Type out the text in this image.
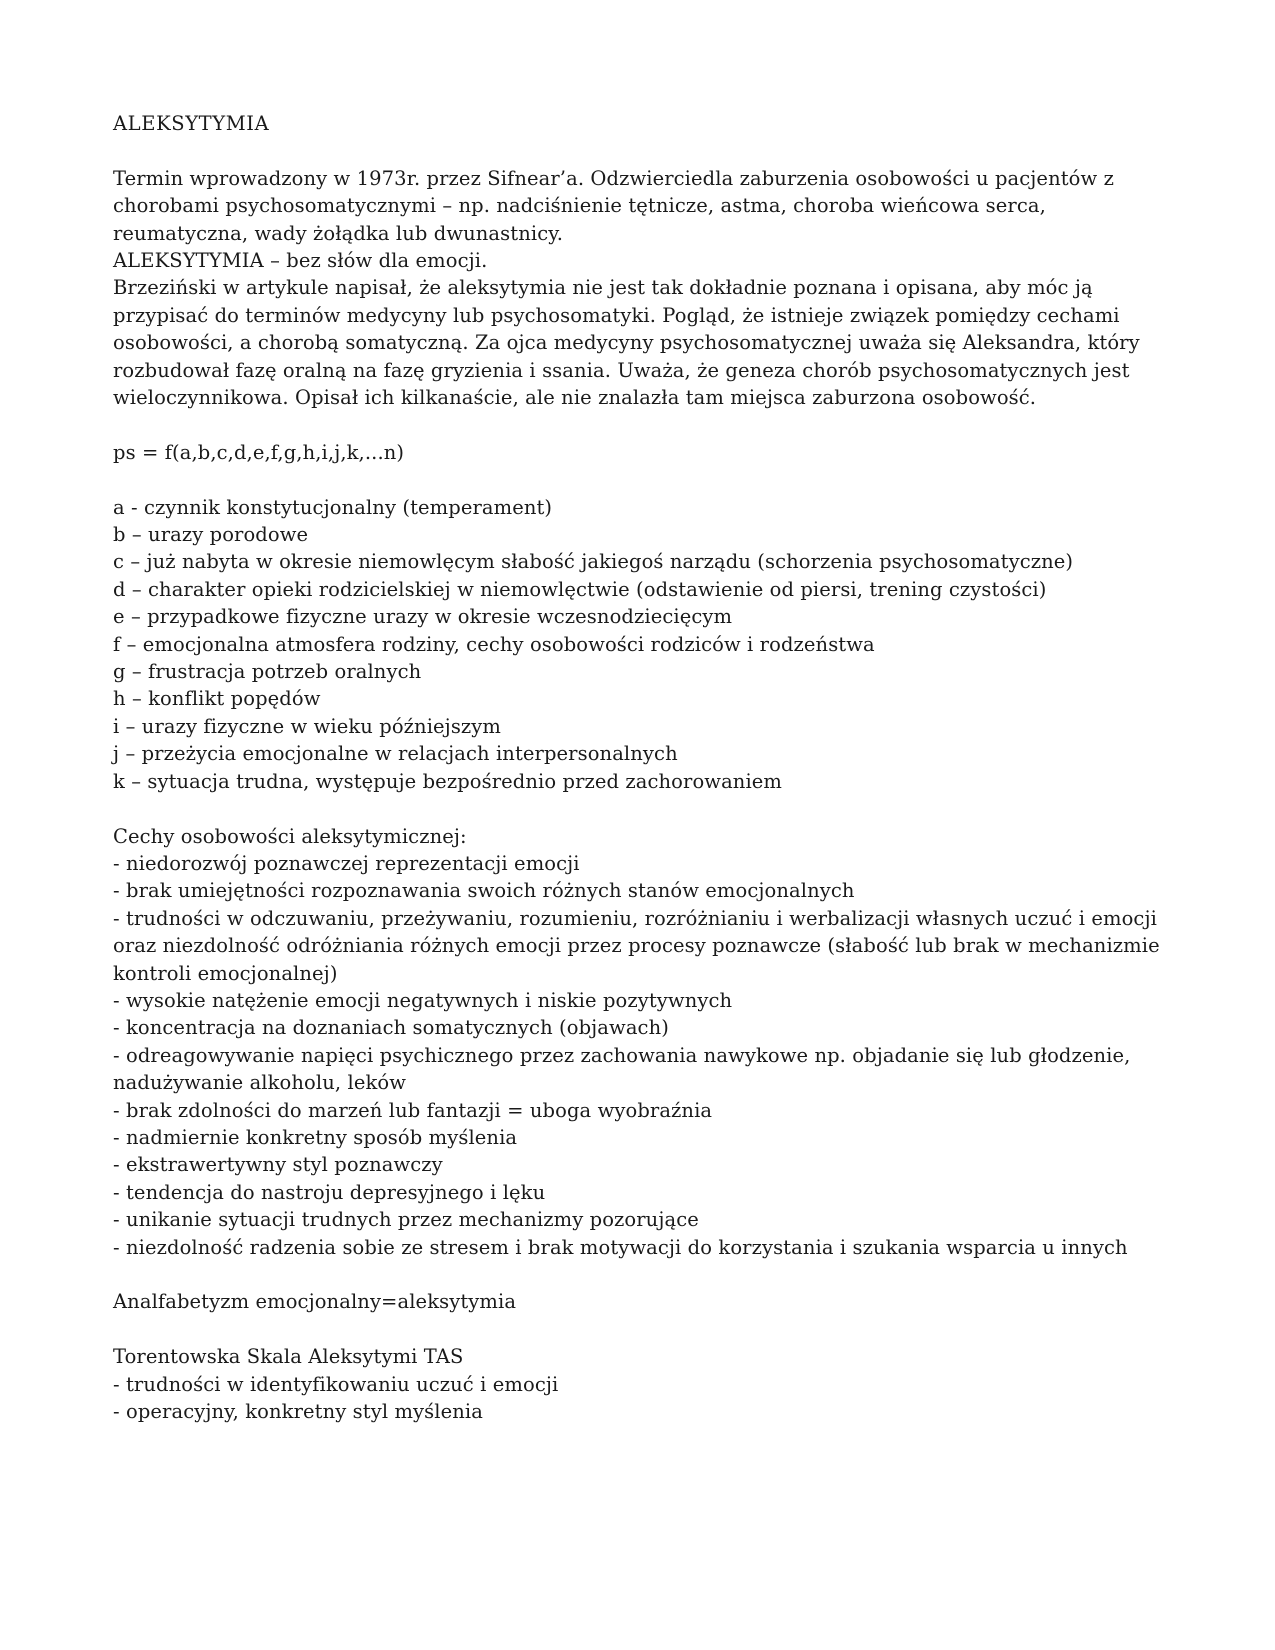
ALEKSYTYMIA

Termin wprowadzony w 1973r. przez Sifnear’a. Odzwierciedla zaburzenia osobowości u pacjentów z chorobami psychosomatycznymi – np. nadciśnienie tętnicze, astma, choroba wieńcowa serca, reumatyczna, wady żołądka lub dwunastnicy.

ALEKSYTYMIA – bez słów dla emocji.

Brzeziński w artykule napisał, że aleksytymia nie jest tak dokładnie poznana i opisana, aby móc ją przypisać do terminów medycyny lub psychosomatyki. Pogląd, że istnieje związek pomiędzy cechami osobowości, a chorobą somatyczną. Za ojca medycyny psychosomatycznej uważa się Aleksandra, który rozbudował fazę oralną na fazę gryzienia i ssania. Uważa, że geneza chorób psychosomatycznych jest wieloczynnikowa. Opisał ich kilkanaście, ale nie znalazła tam miejsca zaburzona osobowość.

ps = f(a,b,c,d,e,f,g,h,i,j,k,...n)

a - czynnik konstytucjonalny (temperament)

b – urazy porodowe

c – już nabyta w okresie niemowlęcym słabość jakiegoś narządu (schorzenia psychosomatyczne)

d – charakter opieki rodzicielskiej w niemowlęctwie (odstawienie od piersi, trening czystości)

e – przypadkowe fizyczne urazy w okresie wczesnodziecięcym

f – emocjonalna atmosfera rodziny, cechy osobowości rodziców i rodzeństwa

g – frustracja potrzeb oralnych

h – konflikt popędów

i – urazy fizyczne w wieku późniejszym

j – przeżycia emocjonalne w relacjach interpersonalnych

k – sytuacja trudna, występuje bezpośrednio przed zachorowaniem

Cechy osobowości aleksytymicznej:

- niedorozwój poznawczej reprezentacji emocji

- brak umiejętności rozpoznawania swoich różnych stanów emocjonalnych

- trudności w odczuwaniu, przeżywaniu, rozumieniu, rozróżnianiu i werbalizacji własnych uczuć i emocji oraz niezdolność odróżniania różnych emocji przez procesy poznawcze (słabość lub brak w mechanizmie kontroli emocjonalnej)

- wysokie natężenie emocji negatywnych i niskie pozytywnych

- koncentracja na doznaniach somatycznych (objawach)

- odreagowywanie napięci psychicznego przez zachowania nawykowe np. objadanie się lub głodzenie, nadużywanie alkoholu, leków

- brak zdolności do marzeń lub fantazji = uboga wyobraźnia

- nadmiernie konkretny sposób myślenia

- ekstrawertywny styl poznawczy

- tendencja do nastroju depresyjnego i lęku

- unikanie sytuacji trudnych przez mechanizmy pozorujące

- niezdolność radzenia sobie ze stresem i brak motywacji do korzystania i szukania wsparcia u innych

Analfabetyzm emocjonalny=aleksytymia

Torentowska Skala Aleksytymi TAS

- trudności w identyfikowaniu uczuć i emocji

- operacyjny, konkretny styl myślenia
